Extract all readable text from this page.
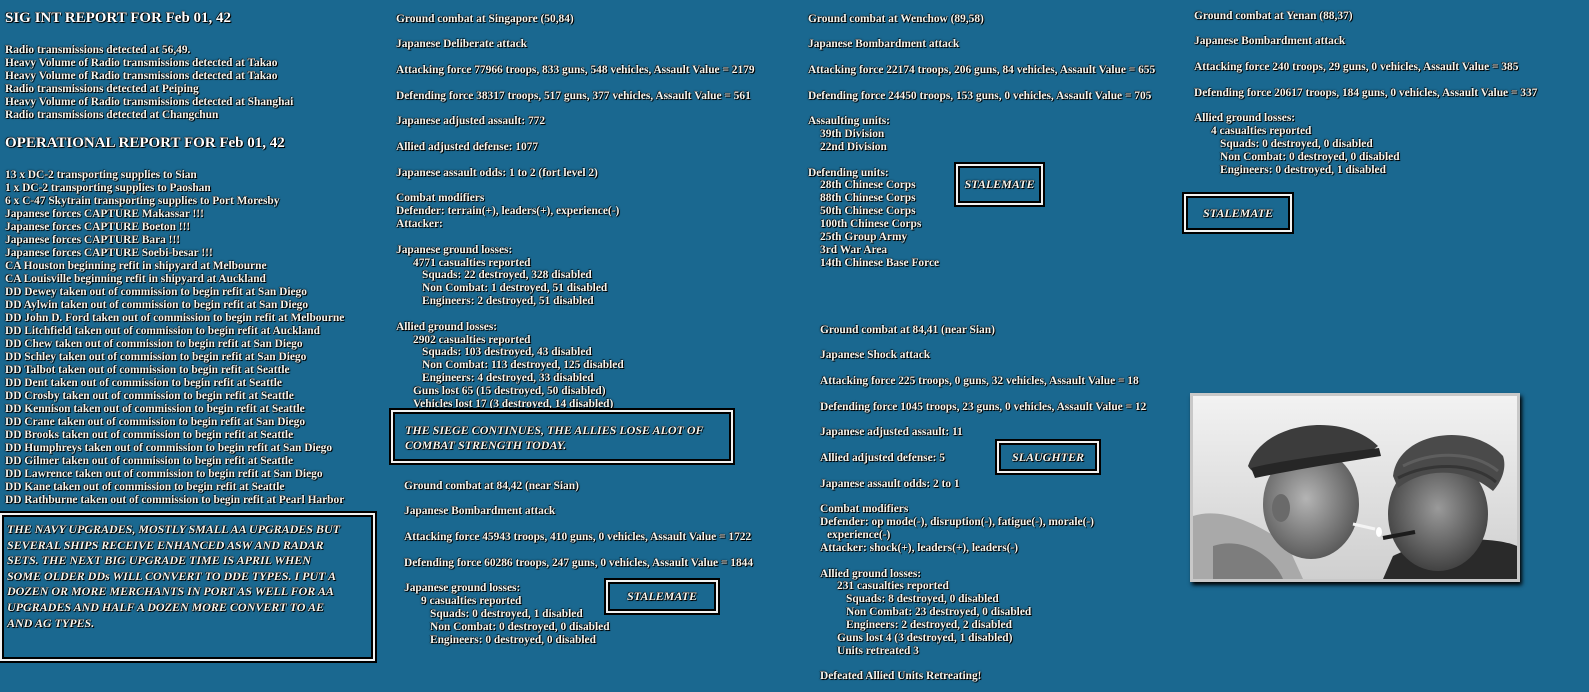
SIG INT REPORT FOR Feb 01, 42
Radio transmissions detected at 56,49.
Heavy Volume of Radio transmissions detected at Takao
Heavy Volume of Radio transmissions detected at Takao
Radio transmissions detected at Peiping
Heavy Volume of Radio transmissions detected at Shanghai
Radio transmissions detected at Changchun
OPERATIONAL REPORT FOR Feb 01, 42
13 x DC-2 transporting supplies to Sian
1 x DC-2 transporting supplies to Paoshan
6 x C-47 Skytrain transporting supplies to Port Moresby
Japanese forces CAPTURE Makassar !!!
Japanese forces CAPTURE Boeton !!!
Japanese forces CAPTURE Bara !!!
Japanese forces CAPTURE Soebi-besar !!!
CA Houston beginning refit in shipyard at Melbourne
CA Louisville beginning refit in shipyard at Auckland
DD Dewey taken out of commission to begin refit at San Diego
DD Aylwin taken out of commission to begin refit at San Diego
DD John D. Ford taken out of commission to begin refit at Melbourne
DD Litchfield taken out of commission to begin refit at Auckland
DD Chew taken out of commission to begin refit at San Diego
DD Schley taken out of commission to begin refit at San Diego
DD Talbot taken out of commission to begin refit at Seattle
DD Dent taken out of commission to begin refit at Seattle
DD Crosby taken out of commission to begin refit at Seattle
DD Kennison taken out of commission to begin refit at Seattle
DD Crane taken out of commission to begin refit at San Diego
DD Brooks taken out of commission to begin refit at Seattle
DD Humphreys taken out of commission to begin refit at San Diego
DD Gilmer taken out of commission to begin refit at Seattle
DD Lawrence taken out of commission to begin refit at San Diego
DD Kane taken out of commission to begin refit at Seattle
DD Rathburne taken out of commission to begin refit at Pearl Harbor
THE NAVY UPGRADES, MOSTLY SMALL AA UPGRADES BUT
SEVERAL SHIPS RECEIVE ENHANCED ASW AND RADAR
SETS. THE NEXT BIG UPGRADE TIME IS APRIL WHEN
SOME OLDER DDs WILL CONVERT TO DDE TYPES. I PUT A
DOZEN OR MORE MERCHANTS IN PORT AS WELL FOR AA
UPGRADES AND HALF A DOZEN MORE CONVERT TO AE
AND AG TYPES.
Ground combat at Singapore (50,84)
Japanese Deliberate attack
Attacking force 77966 troops, 833 guns, 548 vehicles, Assault Value = 2179
Defending force 38317 troops, 517 guns, 377 vehicles, Assault Value = 561
Japanese adjusted assault: 772
Allied adjusted defense: 1077
Japanese assault odds: 1 to 2 (fort level 2)
Combat modifiers
Defender: terrain(+), leaders(+), experience(-)
Attacker:
Japanese ground losses:
4771 casualties reported
Squads: 22 destroyed, 328 disabled
Non Combat: 1 destroyed, 51 disabled
Engineers: 2 destroyed, 51 disabled
Allied ground losses:
2902 casualties reported
Squads: 103 destroyed, 43 disabled
Non Combat: 113 destroyed, 125 disabled
Engineers: 4 destroyed, 33 disabled
Guns lost 65 (15 destroyed, 50 disabled)
Vehicles lost 17 (3 destroyed, 14 disabled)
THE SIEGE CONTINUES, THE ALLIES LOSE ALOT OF
COMBAT STRENGTH TODAY.
Ground combat at 84,42 (near Sian)
Japanese Bombardment attack
Attacking force 45943 troops, 410 guns, 0 vehicles, Assault Value = 1722
Defending force 60286 troops, 247 guns, 0 vehicles, Assault Value = 1844
Japanese ground losses:
9 casualties reported
Squads: 0 destroyed, 1 disabled
Non Combat: 0 destroyed, 0 disabled
Engineers: 0 destroyed, 0 disabled
STALEMATE
Ground combat at Wenchow (89,58)
Japanese Bombardment attack
Attacking force 22174 troops, 206 guns, 84 vehicles, Assault Value = 655
Defending force 24450 troops, 153 guns, 0 vehicles, Assault Value = 705
Assaulting units:
39th Division
22nd Division
Defending units:
28th Chinese Corps
88th Chinese Corps
50th Chinese Corps
100th Chinese Corps
25th Group Army
3rd War Area
14th Chinese Base Force
STALEMATE
Ground combat at 84,41 (near Sian)
Japanese Shock attack
Attacking force 225 troops, 0 guns, 32 vehicles, Assault Value = 18
Defending force 1045 troops, 23 guns, 0 vehicles, Assault Value = 12
Japanese adjusted assault: 11
Allied adjusted defense: 5
Japanese assault odds: 2 to 1
Combat modifiers
Defender: op mode(-), disruption(-), fatigue(-), morale(-)
experience(-)
Attacker: shock(+), leaders(+), leaders(-)
Allied ground losses:
231 casualties reported
Squads: 8 destroyed, 0 disabled
Non Combat: 23 destroyed, 0 disabled
Engineers: 2 destroyed, 2 disabled
Guns lost 4 (3 destroyed, 1 disabled)
Units retreated 3
Defeated Allied Units Retreating!
SLAUGHTER
Ground combat at Yenan (88,37)
Japanese Bombardment attack
Attacking force 240 troops, 29 guns, 0 vehicles, Assault Value = 385
Defending force 20617 troops, 184 guns, 0 vehicles, Assault Value = 337
Allied ground losses:
4 casualties reported
Squads: 0 destroyed, 0 disabled
Non Combat: 0 destroyed, 0 disabled
Engineers: 0 destroyed, 1 disabled
STALEMATE
